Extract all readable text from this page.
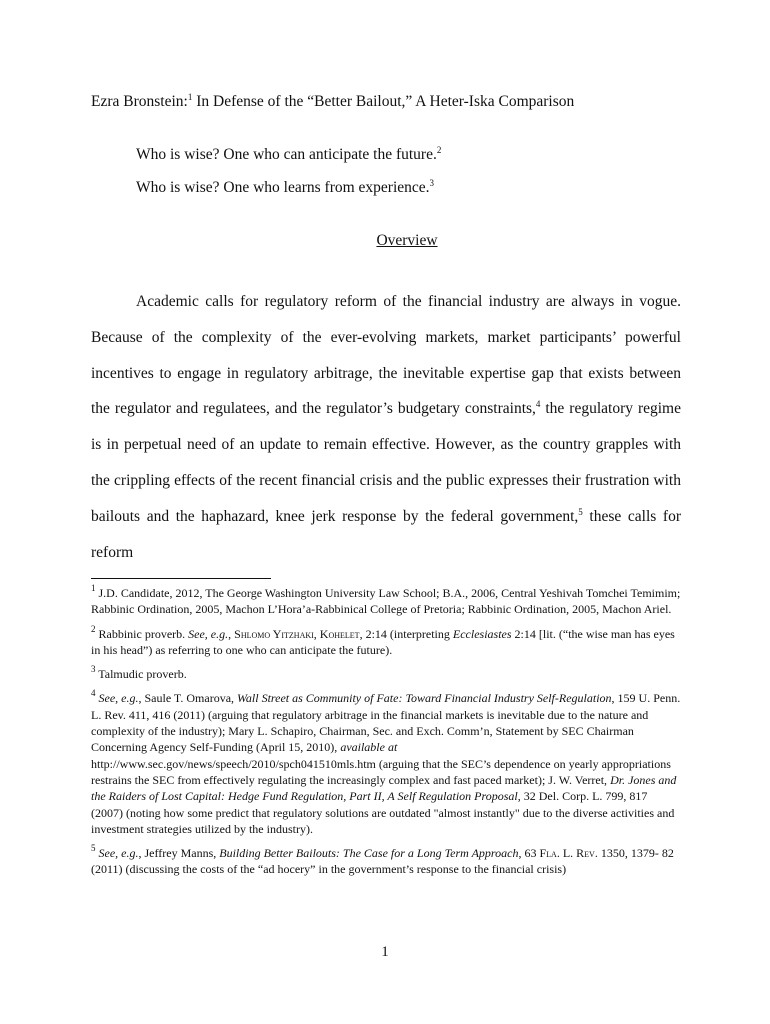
Ezra Bronstein:$^1$ In Defense of the “Better Bailout,” A Heter-Iska Comparison
Who is wise? One who can anticipate the future.$^2$
Who is wise? One who learns from experience.$^3$
Overview
Academic calls for regulatory reform of the financial industry are always in vogue. Because of the complexity of the ever-evolving markets, market participants’ powerful incentives to engage in regulatory arbitrage, the inevitable expertise gap that exists between the regulator and regulatees, and the regulator’s budgetary constraints,$^4$ the regulatory regime is in perpetual need of an update to remain effective. However, as the country grapples with the crippling effects of the recent financial crisis and the public expresses their frustration with bailouts and the haphazard, knee jerk response by the federal government,$^5$ these calls for reform

$^1$ J.D. Candidate, 2012, The George Washington University Law School; B.A., 2006, Central Yeshivah Tomchei Temimim; Rabbinic Ordination, 2005, Machon L’Hora’a-Rabbinical College of Pretoria; Rabbinic Ordination, 2005, Machon Ariel.

$^2$ Rabbinic proverb. See, e.g., Shlomo Yitzhaki, Kohelet, 2:14 (interpreting Ecclesiastes 2:14 [lit. (“the wise man has eyes in his head”) as referring to one who can anticipate the future).

$^3$ Talmudic proverb.

$^4$ See, e.g., Saule T. Omarova, Wall Street as Community of Fate: Toward Financial Industry Self-Regulation, 159 U. Penn. L. Rev. 411, 416 (2011) (arguing that regulatory arbitrage in the financial markets is inevitable due to the nature and complexity of the industry); Mary L. Schapiro, Chairman, Sec. and Exch. Comm’n, Statement by SEC Chairman Concerning Agency Self-Funding (April 15, 2010), available at http://www.sec.gov/news/speech/2010/spch041510mls.htm (arguing that the SEC’s dependence on yearly appropriations restrains the SEC from effectively regulating the increasingly complex and fast paced market); J. W. Verret, Dr. Jones and the Raiders of Lost Capital: Hedge Fund Regulation, Part II, A Self Regulation Proposal, 32 Del. Corp. L. 799, 817 (2007) (noting how some predict that regulatory solutions are outdated "almost instantly" due to the diverse activities and investment strategies utilized by the industry).

$^5$ See, e.g., Jeffrey Manns, Building Better Bailouts: The Case for a Long Term Approach, 63 Fla. L. Rev. 1350, 1379- 82 (2011) (discussing the costs of the “ad hocery” in the government’s response to the financial crisis)

1
